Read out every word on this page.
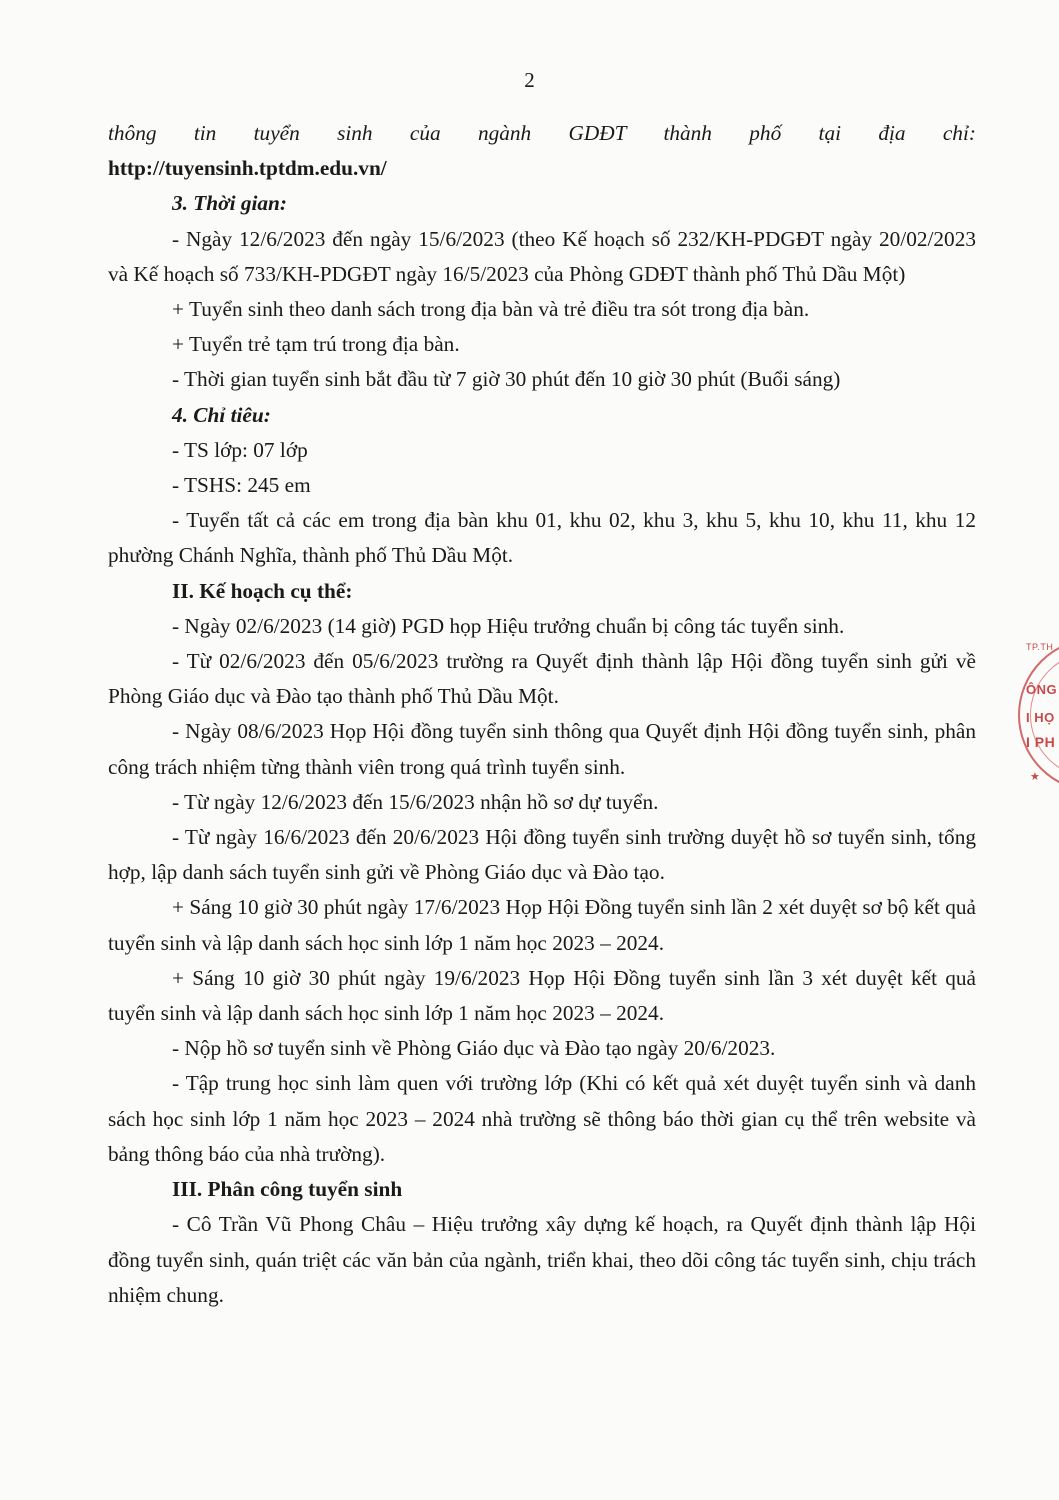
2

thông tin tuyển sinh của ngành GDĐT thành phố tại địa chỉ:

http://tuyensinh.tptdm.edu.vn/

3. Thời gian:

- Ngày 12/6/2023 đến ngày 15/6/2023 (theo Kế hoạch số 232/KH-PDGĐT ngày 20/02/2023 và Kế hoạch số 733/KH-PDGĐT ngày 16/5/2023 của Phòng GDĐT thành phố Thủ Dầu Một)

+ Tuyển sinh theo danh sách trong địa bàn và trẻ điều tra sót trong địa bàn.

+ Tuyển trẻ tạm trú trong địa bàn.

- Thời gian tuyển sinh bắt đầu từ 7 giờ 30 phút đến 10 giờ 30 phút (Buổi sáng)

4. Chỉ tiêu:

- TS lớp: 07 lớp

- TSHS: 245 em

- Tuyển tất cả các em trong địa bàn khu 01, khu 02, khu 3, khu 5, khu 10, khu 11, khu 12 phường Chánh Nghĩa, thành phố Thủ Dầu Một.

II. Kế hoạch cụ thể:

- Ngày 02/6/2023 (14 giờ) PGD họp Hiệu trưởng chuẩn bị công tác tuyển sinh.

- Từ 02/6/2023 đến 05/6/2023 trường ra Quyết định thành lập Hội đồng tuyển sinh gửi về Phòng Giáo dục và Đào tạo thành phố Thủ Dầu Một.

- Ngày 08/6/2023 Họp Hội đồng tuyển sinh thông qua Quyết định Hội đồng tuyển sinh, phân công trách nhiệm từng thành viên trong quá trình tuyển sinh.

- Từ ngày 12/6/2023 đến 15/6/2023 nhận hồ sơ dự tuyển.

- Từ ngày 16/6/2023 đến 20/6/2023 Hội đồng tuyển sinh trường duyệt hồ sơ tuyển sinh, tổng hợp, lập danh sách tuyển sinh gửi về Phòng Giáo dục và Đào tạo.

+ Sáng 10 giờ 30 phút ngày 17/6/2023 Họp Hội Đồng tuyển sinh lần 2 xét duyệt sơ bộ kết quả tuyển sinh và lập danh sách học sinh lớp 1 năm học 2023 – 2024.

+ Sáng 10 giờ 30 phút ngày 19/6/2023 Họp Hội Đồng tuyển sinh lần 3 xét duyệt kết quả tuyển sinh và lập danh sách học sinh lớp 1 năm học 2023 – 2024.

- Nộp hồ sơ tuyển sinh về Phòng Giáo dục và Đào tạo ngày 20/6/2023.

- Tập trung học sinh làm quen với trường lớp (Khi có kết quả xét duyệt tuyển sinh và danh sách học sinh lớp 1 năm học 2023 – 2024 nhà trường sẽ thông báo thời gian cụ thể trên website và bảng thông báo của nhà trường).

III. Phân công tuyển sinh

- Cô Trần Vũ Phong Châu – Hiệu trưởng xây dựng kế hoạch, ra Quyết định thành lập Hội đồng tuyển sinh, quán triệt các văn bản của ngành, triển khai, theo dõi công tác tuyển sinh, chịu trách nhiệm chung.

TP.TH
ÔNG
I HỌ
I PH
★
